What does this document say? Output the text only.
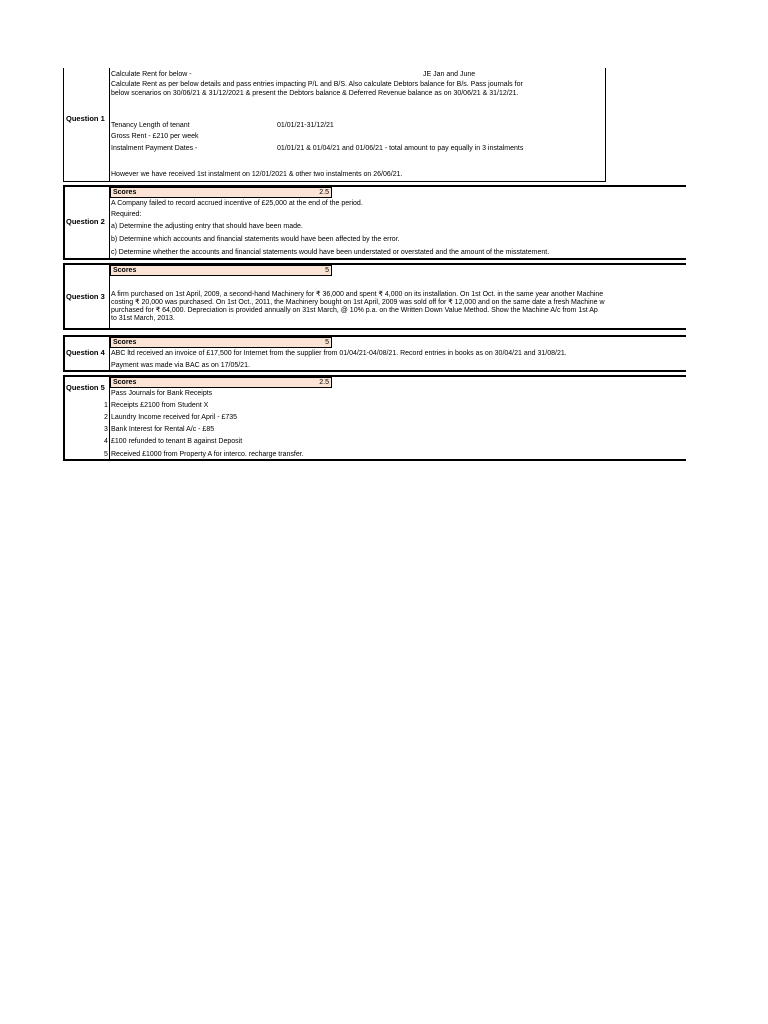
Question 1
Calculate Rent for below -	JE Jan and June
Calculate Rent as per below details and pass entries impacting P/L and B/S. Also calculate Debtors balance for B/s. Pass journals for
below scenarios on 30/06/21 & 31/12/2021 & present the Debtors balance & Deferred Revenue balance as on 30/06/21 & 31/12/21.
Tenancy Length of tenant	01/01/21-31/12/21
Gross Rent - £210 per week
Instalment Payment Dates -	01/01/21 & 01/04/21 and 01/06/21 - total amount to pay equally in 3 instalments
However we have received 1st instalment on 12/01/2021 & other two instalments on 26/06/21.
Question 2
Scores	2.5
A Company failed to record accrued incentive of £25,000 at the end of the period.
Required:
a) Determine the adjusting entry that should have been made.
b) Determine which accounts and financial statements would have been affected by the error.
c) Determine whether the accounts and financial statements would have been understated or overstated and the amount of the misstatement.
Question 3
Scores	5
A firm purchased on 1st April, 2009, a second-hand Machinery for ₹ 36,000 and spent ₹ 4,000 on its installation. On 1st Oct. in the same year another Machine
costing ₹ 20,000 was purchased. On 1st Oct., 2011, the Machinery bought on 1st April, 2009 was sold off for ₹ 12,000 and on the same date a fresh Machine w
purchased for ₹ 64,000. Depreciation is provided annually on 31st March, @ 10% p.a. on the Written Down Value Method. Show the Machine A/c from 1st Ap
to 31st March, 2013.
Question 4
Scores	5
ABC ltd received an invoice of £17,500 for Internet from the supplier from 01/04/21-04/08/21. Record entries in books as on 30/04/21 and 31/08/21.
Payment was made via BAC as on 17/05/21.
Question 5
Scores	2.5
Pass Journals for Bank Receipts
1 Receipts £2100 from Student X
2 Laundry Income received for April - £735
3 Bank Interest for Rental A/c - £85
4 £100 refunded to tenant B against Deposit
5 Received £1000 from Property A for interco. recharge transfer.
